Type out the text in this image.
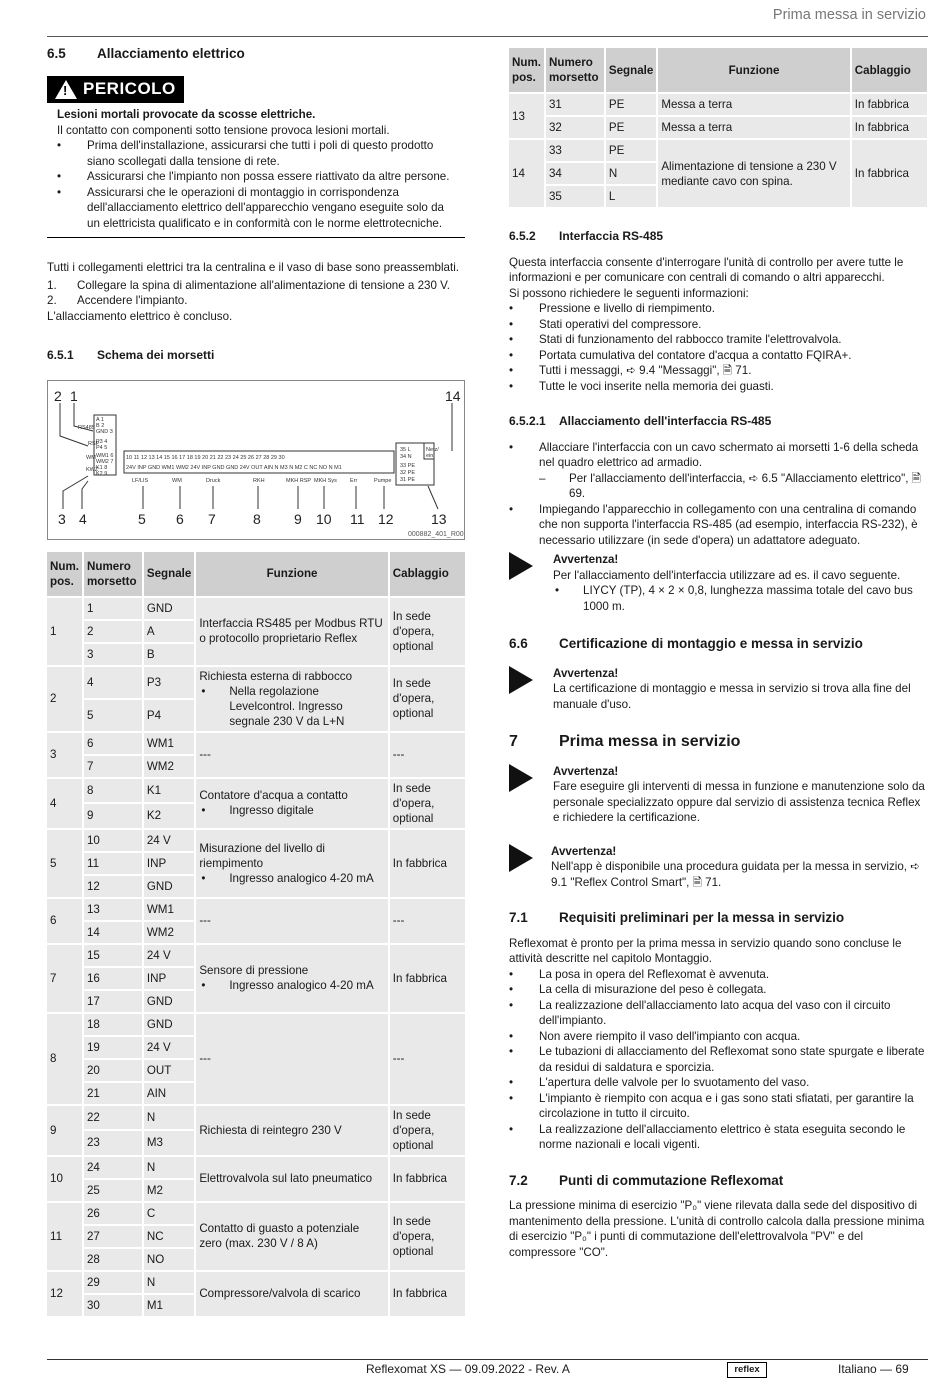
Prima messa in servizio
6.5	Allacciamento elettrico
!
PERICOLO

Lesioni mortali provocate da scosse elettriche.

Il contatto con componenti sotto tensione provoca lesioni mortali.

• Prima dell'installazione, assicurarsi che tutti i poli di questo prodotto siano scollegati dalla tensione di rete.
• Assicurarsi che l'impianto non possa essere riattivato da altre persone.
• Assicurarsi che le operazioni di montaggio in corrispondenza dell'allacciamento elettrico dell'apparecchio vengano eseguite solo da un elettricista qualificato e in conformità con le norme elettrotecniche.

Tutti i collegamenti elettrici tra la centralina e il vaso di base sono preassemblati.

1. Collegare la spina di alimentazione all'alimentazione di tensione a 230 V.
2. Accendere l'impianto.

L'allacciamento elettrico è concluso.

6.5.1	Schema dei morsetti
2 1	14
3 4	5 6 7	8 9 10 11 12	13
RS485
A 1
B 2
GND 3
RSP
P3 4
P4 5
WM WM1 6
WM2 7
KWZ
K1 8
K2 9
10 11 12 13 14 15 16 17 18 19 20 21 22 23 24 25 26 27 28 29 30
24V INP GND WM1 WM2 24V INP GND GND 24V OUT AIN N M3 N M2 C NC NO N M1
LF/LIS	WM	Druck	RKH	MKH RSP MKH Sys Err	Pumpe
35 L
34 N
Netz/
ein
33 PE
32 PE
31 PE
000882_401_R00
Num. pos.	Numero morsetto	Segnale	Funzione	Cablaggio
1	1	GND	Interfaccia RS485 per Modbus RTU o protocollo proprietario Reflex	In sede d'opera, optional
	2	A		
	3	B		
2	4	P3	Richiesta esterna di rabbocco
• Nella regolazione Levelcontrol. Ingresso segnale 230 V da L+N	In sede d'opera, optional
	5	P4		
3	6	WM1	---	---
	7	WM2		
4	8	K1	Contatore d'acqua a contatto
• Ingresso digitale	In sede d'opera, optional
	9	K2		
5	10	24 V	Misurazione del livello di riempimento
• Ingresso analogico 4-20 mA	In fabbrica
	11	INP		
	12	GND		
6	13	WM1	---	---
	14	WM2		
7	15	24 V	Sensore di pressione
• Ingresso analogico 4-20 mA	In fabbrica
	16	INP		
	17	GND		
8	18	GND	---	---
	19	24 V		
	20	OUT		
	21	AIN		
9	22	N	Richiesta di reintegro 230 V	In sede d'opera, optional
	23	M3		
10	24	N	Elettrovalvola sul lato pneumatico	In fabbrica
	25	M2		
11	26	C	Contatto di guasto a potenziale zero (max. 230 V / 8 A)	In sede d'opera, optional
	27	NC		
	28	NO		
12	29	N	Compressore/valvola di scarico	In fabbrica
	30	M1		
Num. pos.	Numero morsetto	Segnale	Funzione	Cablaggio
13	31	PE	Messa a terra	In fabbrica
	32	PE	Messa a terra	In fabbrica
14	33	PE	Alimentazione di tensione a 230 V mediante cavo con spina.	In fabbrica
	34	N		
	35	L		
6.5.2	Interfaccia RS-485

Questa interfaccia consente d'interrogare l'unità di controllo per avere tutte le informazioni e per comunicare con centrali di comando o altri apparecchi.

Si possono richiedere le seguenti informazioni:

• Pressione e livello di riempimento.
• Stati operativi del compressore.
• Stati di funzionamento del rabbocco tramite l'elettrovalvola.
• Portata cumulativa del contatore d'acqua a contatto FQIRA+.
• Tutti i messaggi, ➪ 9.4 "Messaggi", 🗎 71.
• Tutte le voci inserite nella memoria dei guasti.
6.5.2.1	Allacciamento dell'interfaccia RS-485
• Allacciare l'interfaccia con un cavo schermato ai morsetti 1-6 della scheda nel quadro elettrico ad armadio.
– Per l'allacciamento dell'interfaccia, ➪ 6.5 "Allacciamento elettrico", 🗎 69.
• Impiegando l'apparecchio in collegamento con una centralina di comando che non supporta l'interfaccia RS-485 (ad esempio, interfaccia RS-232), è necessario utilizzare (in sede d'opera) un adattatore adeguato.
Avvertenza!
Per l'allacciamento dell'interfaccia utilizzare ad es. il cavo seguente.
• LIYCY (TP), 4 × 2 × 0,8, lunghezza massima totale del cavo bus 1000 m.
6.6	Certificazione di montaggio e messa in servizio
Avvertenza!
La certificazione di montaggio e messa in servizio si trova alla fine del manuale d'uso.
7	Prima messa in servizio
Avvertenza!
Fare eseguire gli interventi di messa in funzione e manutenzione solo da personale specializzato oppure dal servizio di assistenza tecnica Reflex e richiedere la certificazione.
Avvertenza!
Nell'app è disponibile una procedura guidata per la messa in servizio, ➪ 9.1 "Reflex Control Smart", 🗎 71.
7.1	Requisiti preliminari per la messa in servizio

Reflexomat è pronto per la prima messa in servizio quando sono concluse le attività descritte nel capitolo Montaggio.

• La posa in opera del Reflexomat è avvenuta.
• La cella di misurazione del peso è collegata.
• La realizzazione dell'allacciamento lato acqua del vaso con il circuito dell'impianto.
• Non avere riempito il vaso dell'impianto con acqua.
• Le tubazioni di allacciamento del Reflexomat sono state spurgate e liberate da residui di saldatura e sporcizia.
• L'apertura delle valvole per lo svuotamento del vaso.
• L'impianto è riempito con acqua e i gas sono stati sfiatati, per garantire la circolazione in tutto il circuito.
• La realizzazione dell'allacciamento elettrico è stata eseguita secondo le norme nazionali e locali vigenti.
7.2	Punti di commutazione Reflexomat

La pressione minima di esercizio "P₀" viene rilevata dalla sede del dispositivo di mantenimento della pressione. L'unità di controllo calcola dalla pressione minima di esercizio "P₀" i punti di commutazione dell'elettrovalvola "PV" e del compressore "CO".

Reflexomat XS — 09.09.2022 - Rev. A	reflex	Italiano — 69
